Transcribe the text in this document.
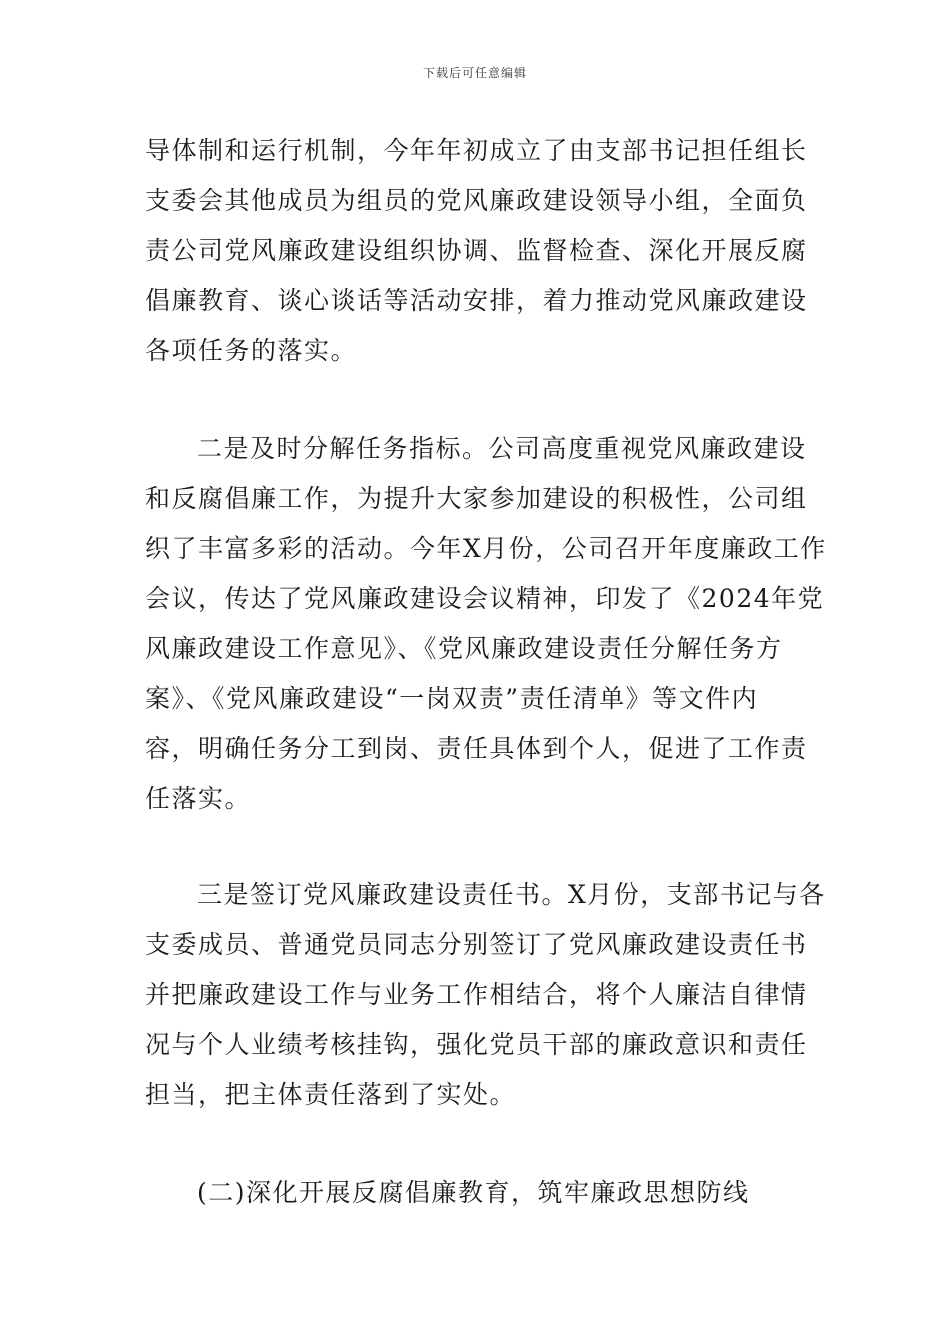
下载后可任意编辑
导体制和运行机制，今年年初成立了由支部书记担任组长
支委会其他成员为组员的党风廉政建设领导小组，全面负
责公司党风廉政建设组织协调、监督检查、深化开展反腐
倡廉教育、谈心谈话等活动安排，着力推动党风廉政建设
各项任务的落实。
二是及时分解任务指标。公司高度重视党风廉政建设
和反腐倡廉工作，为提升大家参加建设的积极性，公司组
织了丰富多彩的活动。今年X月份，公司召开年度廉政工作
会议，传达了党风廉政建设会议精神，印发了《2024年党
风廉政建设工作意见》、《党风廉政建设责任分解任务方
案》、《党风廉政建设“一岗双责”责任清单》等文件内
容，明确任务分工到岗、责任具体到个人，促进了工作责
任落实。
三是签订党风廉政建设责任书。X月份，支部书记与各
支委成员、普通党员同志分别签订了党风廉政建设责任书
并把廉政建设工作与业务工作相结合，将个人廉洁自律情
况与个人业绩考核挂钩，强化党员干部的廉政意识和责任
担当，把主体责任落到了实处。
(二)深化开展反腐倡廉教育，筑牢廉政思想防线
